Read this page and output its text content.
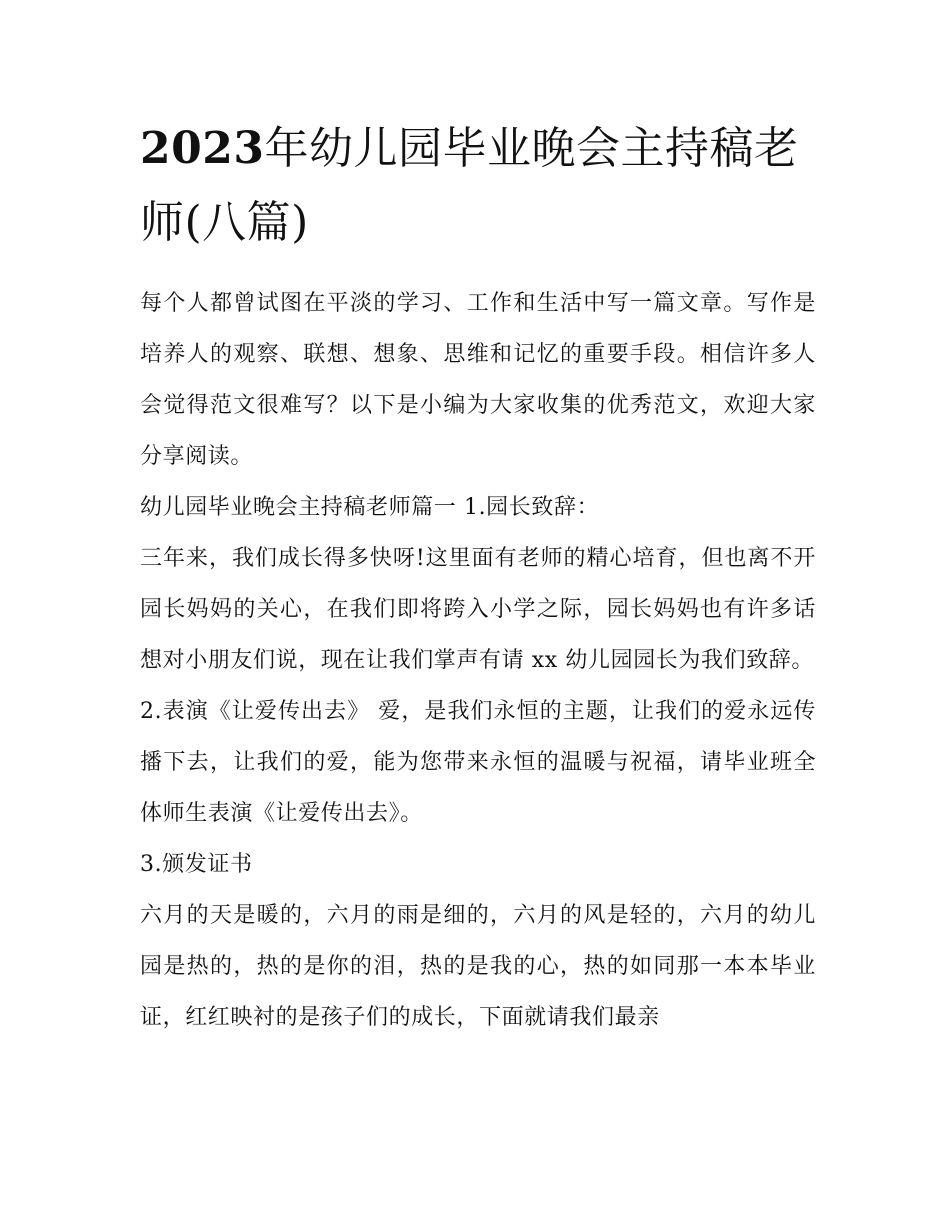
2023年幼儿园毕业晚会主持稿老师(八篇)

每个人都曾试图在平淡的学习、工作和生活中写一篇文章。写作是培养人的观察、联想、想象、思维和记忆的重要手段。相信许多人会觉得范文很难写？以下是小编为大家收集的优秀范文，欢迎大家分享阅读。

幼儿园毕业晚会主持稿老师篇一 1.园长致辞：

三年来，我们成长得多快呀!这里面有老师的精心培育，但也离不开园长妈妈的关心，在我们即将跨入小学之际，园长妈妈也有许多话想对小朋友们说，现在让我们掌声有请 xx 幼儿园园长为我们致辞。

2.表演《让爱传出去》 爱，是我们永恒的主题，让我们的爱永远传播下去，让我们的爱，能为您带来永恒的温暖与祝福，请毕业班全体师生表演《让爱传出去》。

3.颁发证书

六月的天是暖的，六月的雨是细的，六月的风是轻的，六月的幼儿园是热的，热的是你的泪，热的是我的心，热的如同那一本本毕业证，红红映衬的是孩子们的成长，下面就请我们最亲
